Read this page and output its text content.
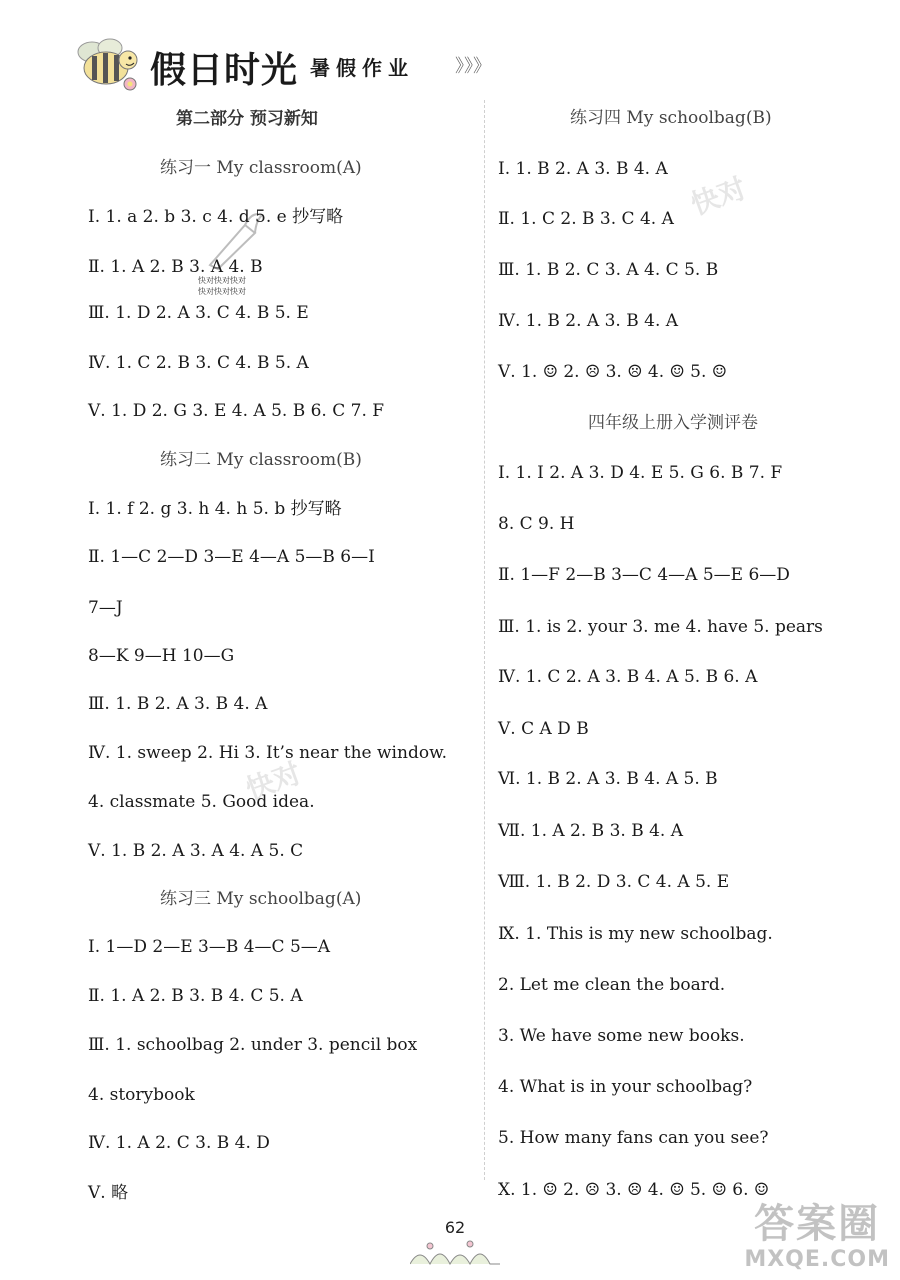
假日时光 暑假作业 》》》
快对
快对
快对快对快对
快对快对快对
第二部分 预习新知
练习一 My classroom(A)
Ⅰ. 1. a 2. b 3. c 4. d 5. e 抄写略
Ⅱ. 1. A 2. B 3. A 4. B
Ⅲ. 1. D 2. A 3. C 4. B 5. E
Ⅳ. 1. C 2. B 3. C 4. B 5. A
Ⅴ. 1. D 2. G 3. E 4. A 5. B 6. C 7. F
练习二 My classroom(B)
Ⅰ. 1. f 2. g 3. h 4. h 5. b 抄写略
Ⅱ. 1—C 2—D 3—E 4—A 5—B 6—I
7—J
8—K 9—H 10—G
Ⅲ. 1. B 2. A 3. B 4. A
Ⅳ. 1. sweep 2. Hi 3. It’s near the window.
4. classmate 5. Good idea.
Ⅴ. 1. B 2. A 3. A 4. A 5. C
练习三 My schoolbag(A)
Ⅰ. 1—D 2—E 3—B 4—C 5—A
Ⅱ. 1. A 2. B 3. B 4. C 5. A
Ⅲ. 1. schoolbag 2. under 3. pencil box
4. storybook
Ⅳ. 1. A 2. C 3. B 4. D
Ⅴ. 略
练习四 My schoolbag(B)
Ⅰ. 1. B 2. A 3. B 4. A
Ⅱ. 1. C 2. B 3. C 4. A
Ⅲ. 1. B 2. C 3. A 4. C 5. B
Ⅳ. 1. B 2. A 3. B 4. A
Ⅴ. 1. ☺ 2. ☹ 3. ☹ 4. ☺ 5. ☺
四年级上册入学测评卷
Ⅰ. 1. I 2. A 3. D 4. E 5. G 6. B 7. F
8. C 9. H
Ⅱ. 1—F 2—B 3—C 4—A 5—E 6—D
Ⅲ. 1. is 2. your 3. me 4. have 5. pears
Ⅳ. 1. C 2. A 3. B 4. A 5. B 6. A
Ⅴ. C A D B
Ⅵ. 1. B 2. A 3. B 4. A 5. B
Ⅶ. 1. A 2. B 3. B 4. A
Ⅷ. 1. B 2. D 3. C 4. A 5. E
Ⅸ. 1. This is my new schoolbag.
2. Let me clean the board.
3. We have some new books.
4. What is in your schoolbag?
5. How many fans can you see?
Ⅹ. 1. ☺ 2. ☹ 3. ☹ 4. ☺ 5. ☺ 6. ☺
62	答案圈
MXQE.COM
